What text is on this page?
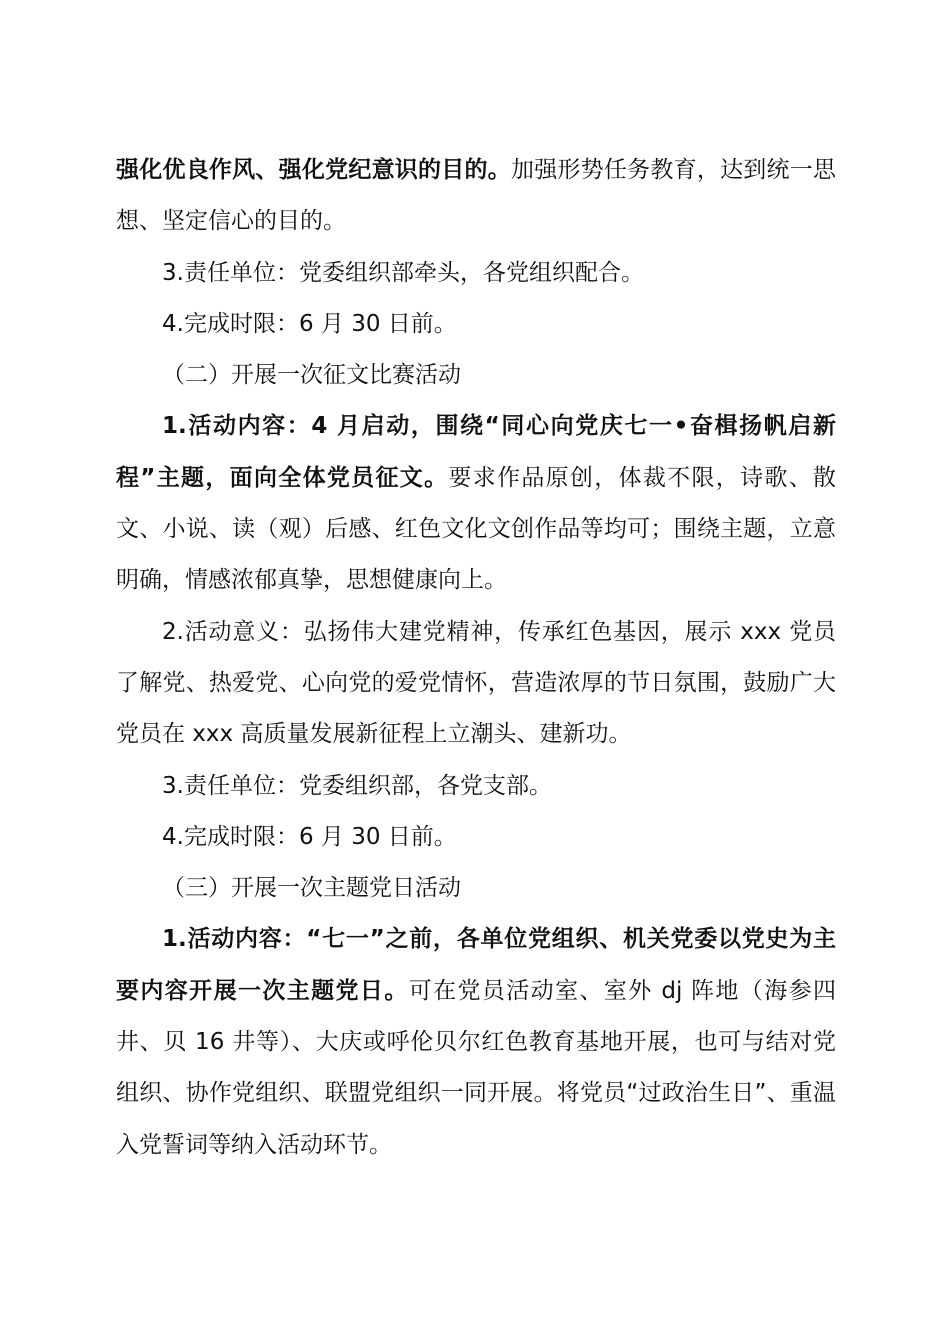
强化优良作风、强化党纪意识的目的。加强形势任务教育，达到统一思想、坚定信心的目的。

3.责任单位：党委组织部牵头，各党组织配合。

4.完成时限：6 月 30 日前。

（二）开展一次征文比赛活动

1.活动内容：4 月启动，围绕“同心向党庆七一•奋楫扬帆启新程”主题，面向全体党员征文。要求作品原创，体裁不限，诗歌、散文、小说、读（观）后感、红色文化文创作品等均可；围绕主题，立意明确，情感浓郁真挚，思想健康向上。

2.活动意义：弘扬伟大建党精神，传承红色基因，展示 xxx 党员了解党、热爱党、心向党的爱党情怀，营造浓厚的节日氛围，鼓励广大党员在 xxx 高质量发展新征程上立潮头、建新功。

3.责任单位：党委组织部，各党支部。

4.完成时限：6 月 30 日前。

（三）开展一次主题党日活动

1.活动内容：“七一”之前，各单位党组织、机关党委以党史为主要内容开展一次主题党日。可在党员活动室、室外 dj 阵地（海参四井、贝 16 井等）、大庆或呼伦贝尔红色教育基地开展，也可与结对党组织、协作党组织、联盟党组织一同开展。将党员“过政治生日”、重温入党誓词等纳入活动环节。
